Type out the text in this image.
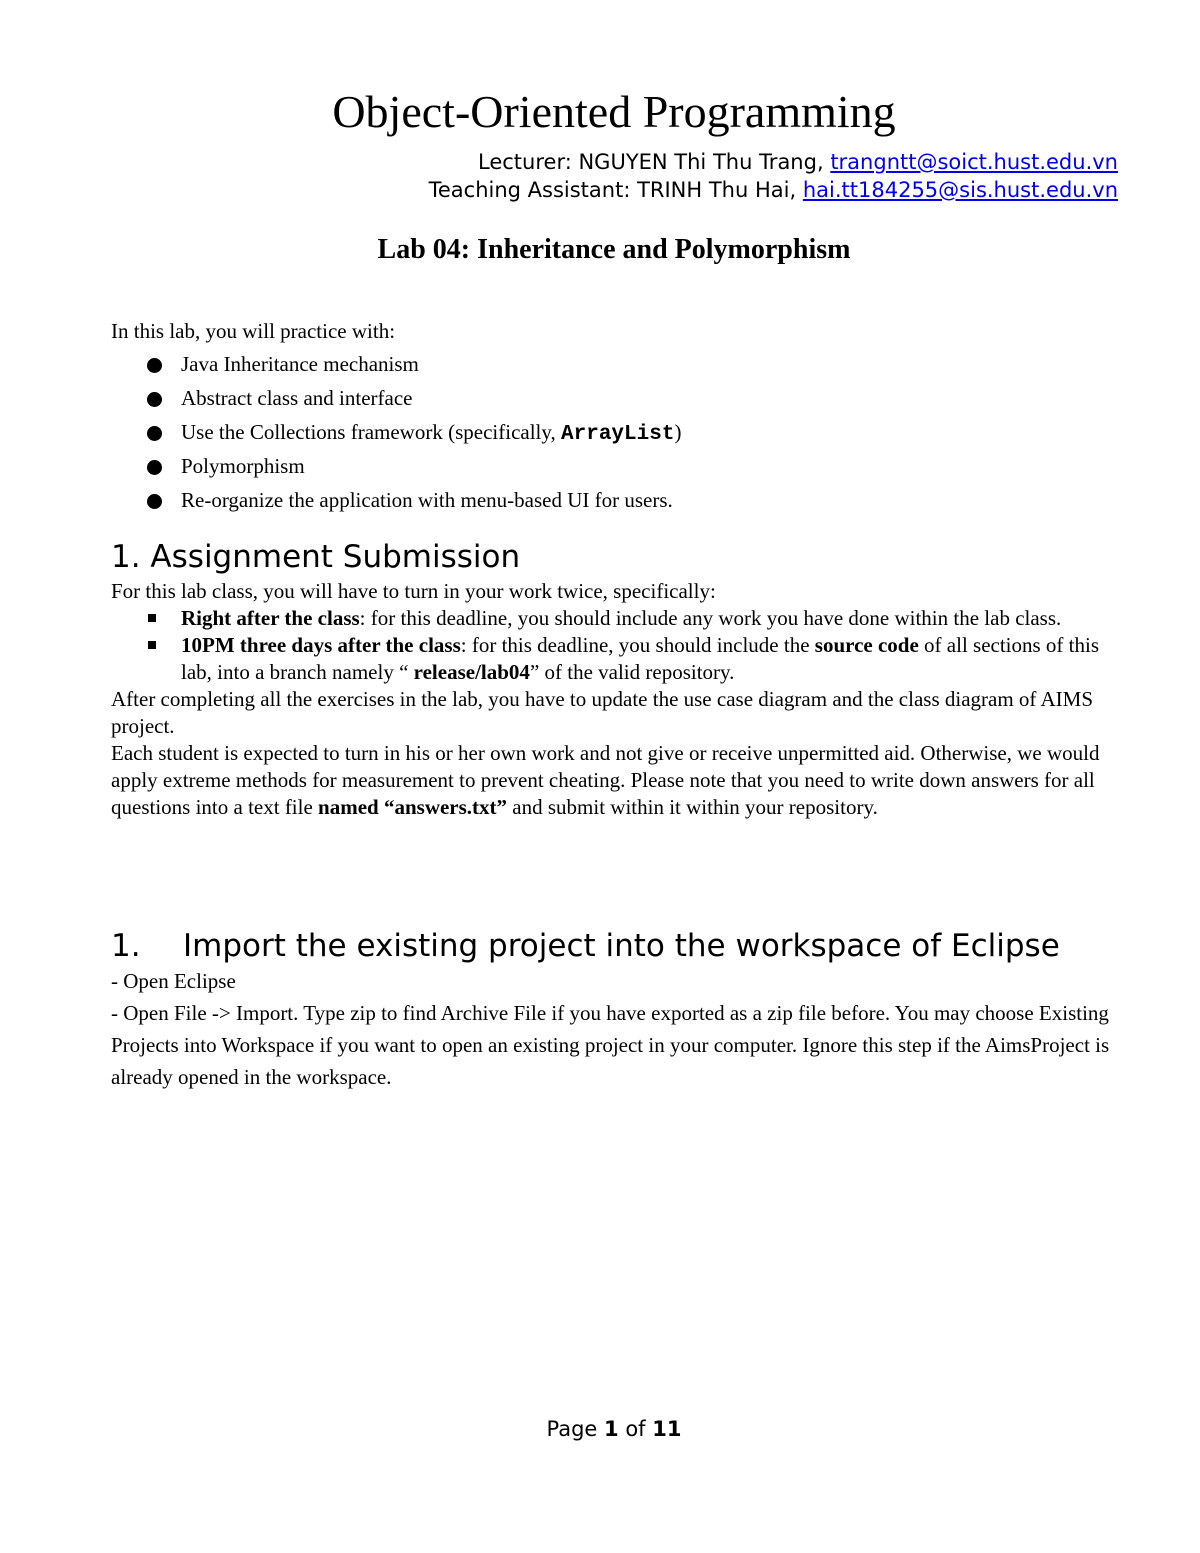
Object-Oriented Programming
Lecturer: NGUYEN Thi Thu Trang, trangntt@soict.hust.edu.vn
Teaching Assistant: TRINH Thu Hai, hai.tt184255@sis.hust.edu.vn
Lab 04: Inheritance and Polymorphism
In this lab, you will practice with:
Java Inheritance mechanism
Abstract class and interface
Use the Collections framework (specifically, ArrayList)
Polymorphism
Re-organize the application with menu-based UI for users.
1. Assignment Submission

For this lab class, you will have to turn in your work twice, specifically:

Right after the class: for this deadline, you should include any work you have done within the lab class.
10PM three days after the class: for this deadline, you should include the source code of all sections of this lab, into a branch namely “ release/lab04” of the valid repository.

After completing all the exercises in the lab, you have to update the use case diagram and the class diagram of AIMS project.

Each student is expected to turn in his or her own work and not give or receive unpermitted aid. Otherwise, we would apply extreme methods for measurement to prevent cheating. Please note that you need to write down answers for all questions into a text file named “answers.txt” and submit within it within your repository.

1. Import the existing project into the workspace of Eclipse

- Open Eclipse

- Open File -> Import. Type zip to find Archive File if you have exported as a zip file before. You may choose Existing Projects into Workspace if you want to open an existing project in your computer. Ignore this step if the AimsProject is already opened in the workspace.

Page 1 of 11
